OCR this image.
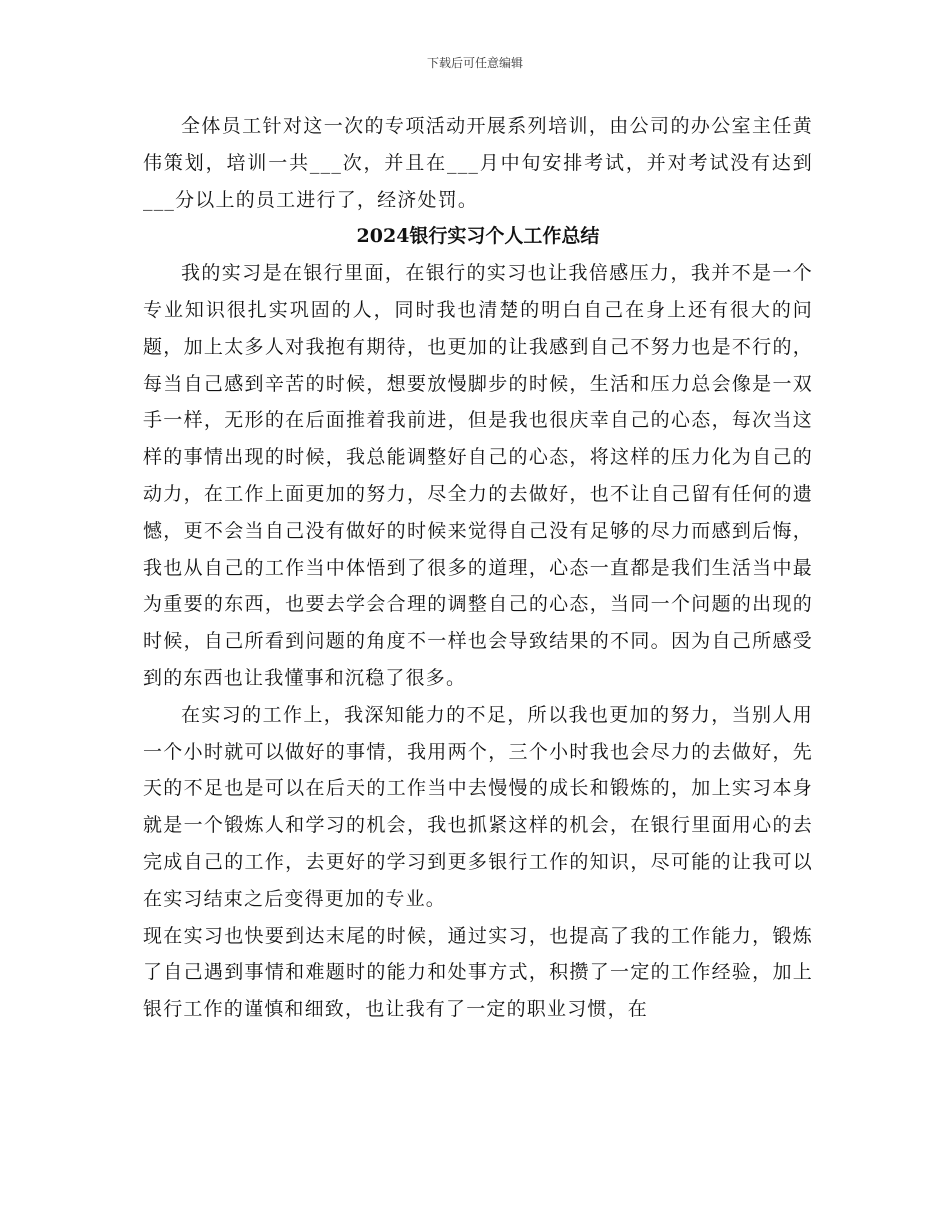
下载后可任意编辑

全体员工针对这一次的专项活动开展系列培训，由公司的办公室主任黄伟策划，培训一共___次，并且在___月中旬安排考试，并对考试没有达到___分以上的员工进行了，经济处罚。

2024银行实习个人工作总结

我的实习是在银行里面，在银行的实习也让我倍感压力，我并不是一个专业知识很扎实巩固的人，同时我也清楚的明白自己在身上还有很大的问题，加上太多人对我抱有期待，也更加的让我感到自己不努力也是不行的，每当自己感到辛苦的时候，想要放慢脚步的时候，生活和压力总会像是一双手一样，无形的在后面推着我前进，但是我也很庆幸自己的心态，每次当这样的事情出现的时候，我总能调整好自己的心态，将这样的压力化为自己的动力，在工作上面更加的努力，尽全力的去做好，也不让自己留有任何的遗憾，更不会当自己没有做好的时候来觉得自己没有足够的尽力而感到后悔，我也从自己的工作当中体悟到了很多的道理，心态一直都是我们生活当中最为重要的东西，也要去学会合理的调整自己的心态，当同一个问题的出现的时候，自己所看到问题的角度不一样也会导致结果的不同。因为自己所感受到的东西也让我懂事和沉稳了很多。

在实习的工作上，我深知能力的不足，所以我也更加的努力，当别人用一个小时就可以做好的事情，我用两个，三个小时我也会尽力的去做好，先天的不足也是可以在后天的工作当中去慢慢的成长和锻炼的，加上实习本身就是一个锻炼人和学习的机会，我也抓紧这样的机会，在银行里面用心的去完成自己的工作，去更好的学习到更多银行工作的知识，尽可能的让我可以在实习结束之后变得更加的专业。

现在实习也快要到达末尾的时候，通过实习，也提高了我的工作能力，锻炼了自己遇到事情和难题时的能力和处事方式，积攒了一定的工作经验，加上银行工作的谨慎和细致，也让我有了一定的职业习惯，在
